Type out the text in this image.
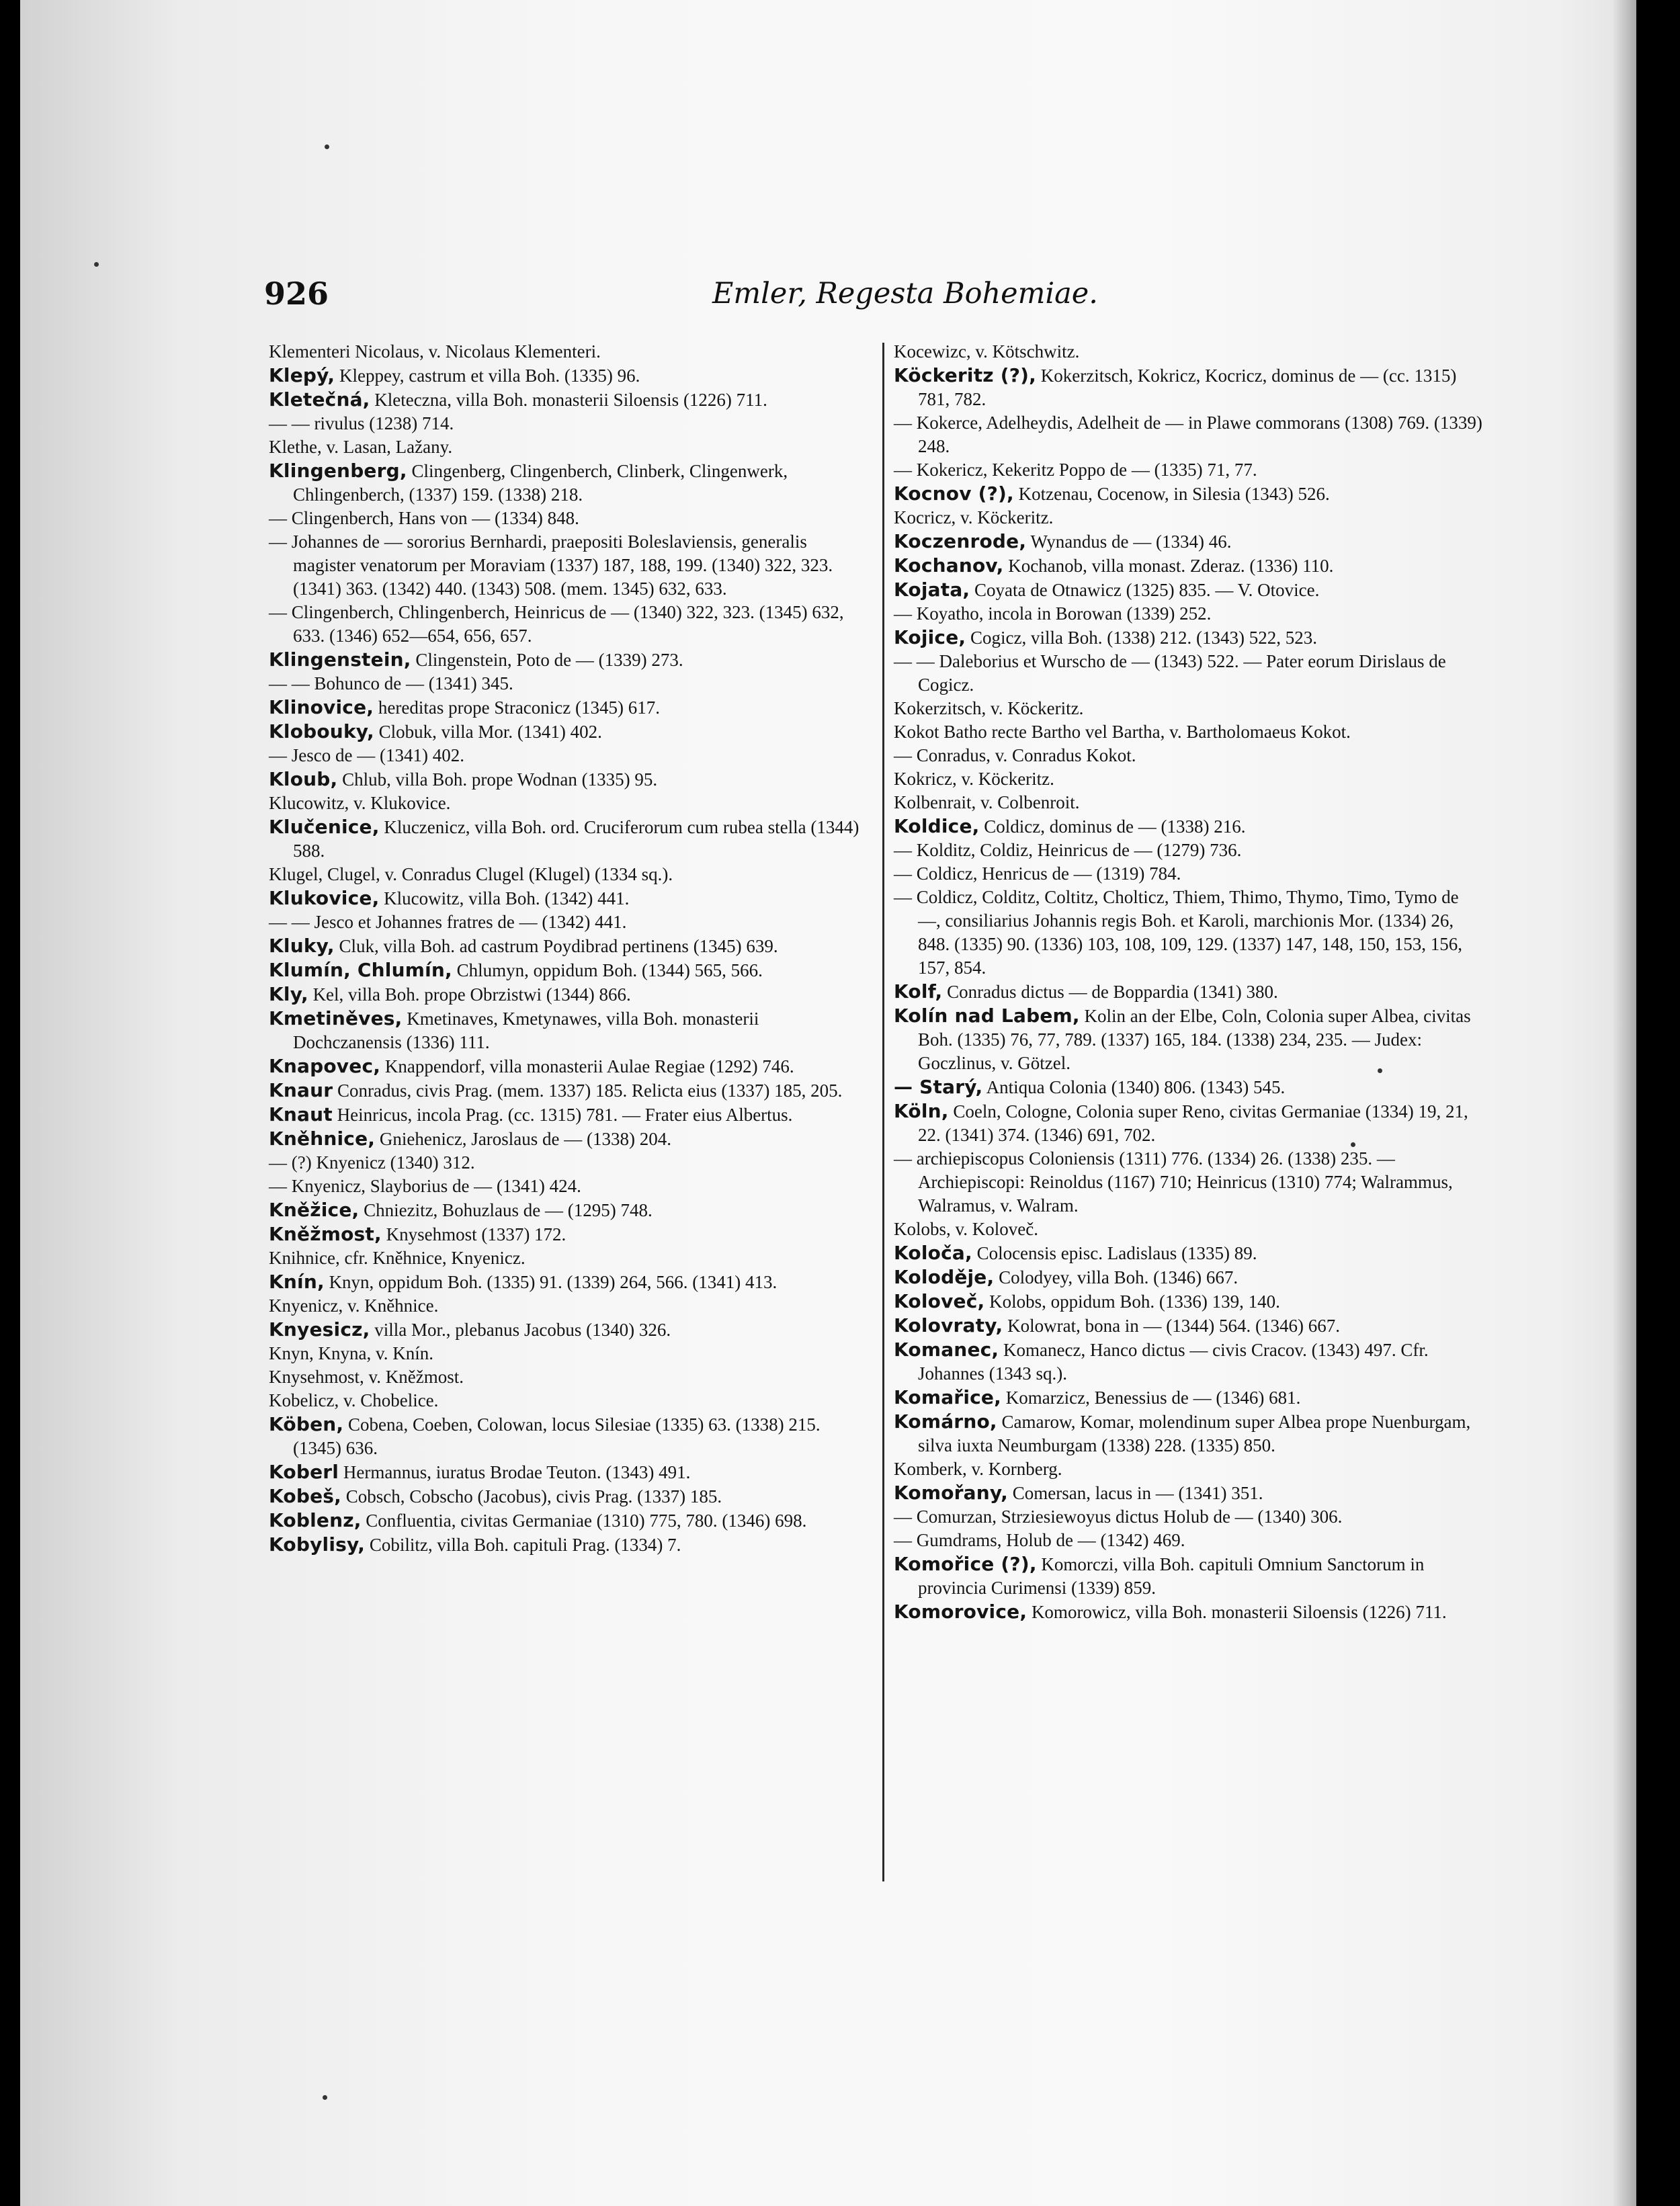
926	Emler, Regesta Bohemiae.
Klementeri Nicolaus, v. Nicolaus Klementeri.
Klepý, Kleppey, castrum et villa Boh. (1335) 96.
Kletečná, Kleteczna, villa Boh. monasterii Siloensis (1226) 711.
— — rivulus (1238) 714.
Klethe, v. Lasan, Lažany.
Klingenberg, Clingenberg, Clingenberch, Clinberk, Clingenwerk, Chlingenberch, (1337) 159. (1338) 218.
— Clingenberch, Hans von — (1334) 848.
— Johannes de — sororius Bernhardi, praepositi Boleslaviensis, generalis magister venatorum per Moraviam (1337) 187, 188, 199. (1340) 322, 323. (1341) 363. (1342) 440. (1343) 508. (mem. 1345) 632, 633.
— Clingenberch, Chlingenberch, Heinricus de — (1340) 322, 323. (1345) 632, 633. (1346) 652—654, 656, 657.
Klingenstein, Clingenstein, Poto de — (1339) 273.
— — Bohunco de — (1341) 345.
Klinovice, hereditas prope Straconicz (1345) 617.
Klobouky, Clobuk, villa Mor. (1341) 402.
— Jesco de — (1341) 402.
Kloub, Chlub, villa Boh. prope Wodnan (1335) 95.
Klucowitz, v. Klukovice.
Klučenice, Kluczenicz, villa Boh. ord. Cruciferorum cum rubea stella (1344) 588.
Klugel, Clugel, v. Conradus Clugel (Klugel) (1334 sq.).
Klukovice, Klucowitz, villa Boh. (1342) 441.
— — Jesco et Johannes fratres de — (1342) 441.
Kluky, Cluk, villa Boh. ad castrum Poydibrad pertinens (1345) 639.
Klumín, Chlumín, Chlumyn, oppidum Boh. (1344) 565, 566.
Kly, Kel, villa Boh. prope Obrzistwi (1344) 866.
Kmetiněves, Kmetinaves, Kmetynawes, villa Boh. monasterii Dochczanensis (1336) 111.
Knapovec, Knappendorf, villa monasterii Aulae Regiae (1292) 746.
Knaur Conradus, civis Prag. (mem. 1337) 185. Relicta eius (1337) 185, 205.
Knaut Heinricus, incola Prag. (cc. 1315) 781. — Frater eius Albertus.
Kněhnice, Gniehenicz, Jaroslaus de — (1338) 204.
— (?) Knyenicz (1340) 312.
— Knyenicz, Slayborius de — (1341) 424.
Kněžice, Chniezitz, Bohuzlaus de — (1295) 748.
Kněžmost, Knysehmost (1337) 172.
Knihnice, cfr. Kněhnice, Knyenicz.
Knín, Knyn, oppidum Boh. (1335) 91. (1339) 264, 566. (1341) 413.
Knyenicz, v. Kněhnice.
Knyesicz, villa Mor., plebanus Jacobus (1340) 326.
Knyn, Knyna, v. Knín.
Knysehmost, v. Kněžmost.
Kobelicz, v. Chobelice.
Köben, Cobena, Coeben, Colowan, locus Silesiae (1335) 63. (1338) 215. (1345) 636.
Koberl Hermannus, iuratus Brodae Teuton. (1343) 491.
Kobeš, Cobsch, Cobscho (Jacobus), civis Prag. (1337) 185.
Koblenz, Confluentia, civitas Germaniae (1310) 775, 780. (1346) 698.
Kobylisy, Cobilitz, villa Boh. capituli Prag. (1334) 7.
Kocewizc, v. Kötschwitz.
Köckeritz (?), Kokerzitsch, Kokricz, Kocricz, dominus de — (cc. 1315) 781, 782.
— Kokerce, Adelheydis, Adelheit de — in Plawe commorans (1308) 769. (1339) 248.
— Kokericz, Kekeritz Poppo de — (1335) 71, 77.
Kocnov (?), Kotzenau, Cocenow, in Silesia (1343) 526.
Kocricz, v. Köckeritz.
Koczenrode, Wynandus de — (1334) 46.
Kochanov, Kochanob, villa monast. Zderaz. (1336) 110.
Kojata, Coyata de Otnawicz (1325) 835. — V. Otovice.
— Koyatho, incola in Borowan (1339) 252.
Kojice, Cogicz, villa Boh. (1338) 212. (1343) 522, 523.
— — Daleborius et Wurscho de — (1343) 522. — Pater eorum Dirislaus de Cogicz.
Kokerzitsch, v. Köckeritz.
Kokot Batho recte Bartho vel Bartha, v. Bartholomaeus Kokot.
— Conradus, v. Conradus Kokot.
Kokricz, v. Köckeritz.
Kolbenrait, v. Colbenroit.
Koldice, Coldicz, dominus de — (1338) 216.
— Kolditz, Coldiz, Heinricus de — (1279) 736.
— Coldicz, Henricus de — (1319) 784.
— Coldicz, Colditz, Coltitz, Cholticz, Thiem, Thimo, Thymo, Timo, Tymo de —, consiliarius Johannis regis Boh. et Karoli, marchionis Mor. (1334) 26, 848. (1335) 90. (1336) 103, 108, 109, 129. (1337) 147, 148, 150, 153, 156, 157, 854.
Kolf, Conradus dictus — de Boppardia (1341) 380.
Kolín nad Labem, Kolin an der Elbe, Coln, Colonia super Albea, civitas Boh. (1335) 76, 77, 789. (1337) 165, 184. (1338) 234, 235. — Judex: Goczlinus, v. Götzel.
— Starý, Antiqua Colonia (1340) 806. (1343) 545.
Köln, Coeln, Cologne, Colonia super Reno, civitas Germaniae (1334) 19, 21, 22. (1341) 374. (1346) 691, 702.
— archiepiscopus Coloniensis (1311) 776. (1334) 26. (1338) 235. — Archiepiscopi: Reinoldus (1167) 710; Heinricus (1310) 774; Walrammus, Walramus, v. Walram.
Kolobs, v. Koloveč.
Koloča, Colocensis episc. Ladislaus (1335) 89.
Koloděje, Colodyey, villa Boh. (1346) 667.
Koloveč, Kolobs, oppidum Boh. (1336) 139, 140.
Kolovraty, Kolowrat, bona in — (1344) 564. (1346) 667.
Komanec, Komanecz, Hanco dictus — civis Cracov. (1343) 497. Cfr. Johannes (1343 sq.).
Komařice, Komarzicz, Benessius de — (1346) 681.
Komárno, Camarow, Komar, molendinum super Albea prope Nuenburgam, silva iuxta Neumburgam (1338) 228. (1335) 850.
Komberk, v. Kornberg.
Komořany, Comersan, lacus in — (1341) 351.
— Comurzan, Strziesiewoyus dictus Holub de — (1340) 306.
— Gumdrams, Holub de — (1342) 469.
Komořice (?), Komorczi, villa Boh. capituli Omnium Sanctorum in provincia Curimensi (1339) 859.
Komorovice, Komorowicz, villa Boh. monasterii Siloensis (1226) 711.
